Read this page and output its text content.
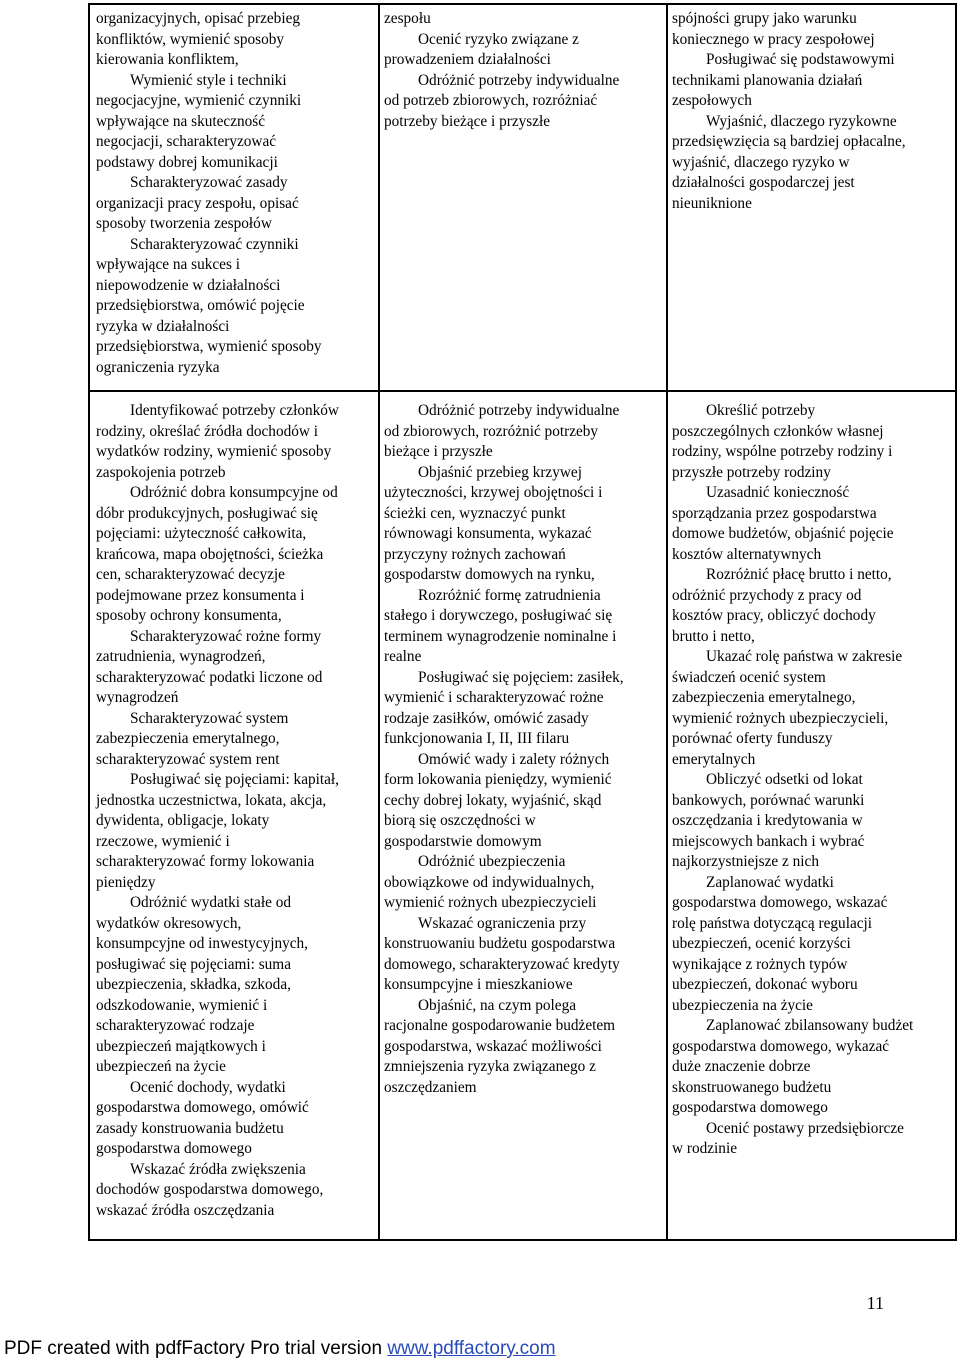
organizacyjnych, opisać przebieg

konfliktów, wymienić sposoby

kierowania konfliktem,

Wymienić style i techniki

negocjacyjne, wymienić czynniki

wpływające na skuteczność

negocjacji, scharakteryzować

podstawy dobrej komunikacji

Scharakteryzować zasady

organizacji pracy zespołu, opisać

sposoby tworzenia zespołów

Scharakteryzować czynniki

wpływające na sukces i

niepowodzenie w działalności

przedsiębiorstwa, omówić pojęcie

ryzyka w działalności

przedsiębiorstwa, wymienić sposoby

ograniczenia ryzyka

zespołu

Ocenić ryzyko związane z

prowadzeniem działalności

Odróżnić potrzeby indywidualne

od potrzeb zbiorowych, rozróżniać

potrzeby bieżące i przyszłe

spójności grupy jako warunku

koniecznego w pracy zespołowej

Posługiwać się podstawowymi

technikami planowania działań

zespołowych

Wyjaśnić, dlaczego ryzykowne

przedsięwzięcia są bardziej opłacalne,

wyjaśnić, dlaczego ryzyko w

działalności gospodarczej jest

nieuniknione

Identyfikować potrzeby członków

rodziny, określać źródła dochodów i

wydatków rodziny, wymienić sposoby

zaspokojenia potrzeb

Odróżnić dobra konsumpcyjne od

dóbr produkcyjnych, posługiwać się

pojęciami: użyteczność całkowita,

krańcowa, mapa obojętności, ścieżka

cen, scharakteryzować decyzje

podejmowane przez konsumenta i

sposoby ochrony konsumenta,

Scharakteryzować rożne formy

zatrudnienia, wynagrodzeń,

scharakteryzować podatki liczone od

wynagrodzeń

Scharakteryzować system

zabezpieczenia emerytalnego,

scharakteryzować system rent

Posługiwać się pojęciami: kapitał,

jednostka uczestnictwa, lokata, akcja,

dywidenta, obligacje, lokaty

rzeczowe, wymienić i

scharakteryzować formy lokowania

pieniędzy

Odróżnić wydatki stałe od

wydatków okresowych,

konsumpcyjne od inwestycyjnych,

posługiwać się pojęciami: suma

ubezpieczenia, składka, szkoda,

odszkodowanie, wymienić i

scharakteryzować rodzaje

ubezpieczeń majątkowych i

ubezpieczeń na życie

Ocenić dochody, wydatki

gospodarstwa domowego, omówić

zasady konstruowania budżetu

gospodarstwa domowego

Wskazać źródła zwiększenia

dochodów gospodarstwa domowego,

wskazać źródła oszczędzania

Odróżnić potrzeby indywidualne

od zbiorowych, rozróżnić potrzeby

bieżące i przyszłe

Objaśnić przebieg krzywej

użyteczności, krzywej obojętności i

ścieżki cen, wyznaczyć punkt

równowagi konsumenta, wykazać

przyczyny rożnych zachowań

gospodarstw domowych na rynku,

Rozróżnić formę zatrudnienia

stałego i dorywczego, posługiwać się

terminem wynagrodzenie nominalne i

realne

Posługiwać się pojęciem: zasiłek,

wymienić i scharakteryzować rożne

rodzaje zasiłków, omówić zasady

funkcjonowania I, II, III filaru

Omówić wady i zalety różnych

form lokowania pieniędzy, wymienić

cechy dobrej lokaty, wyjaśnić, skąd

biorą się oszczędności w

gospodarstwie domowym

Odróżnić ubezpieczenia

obowiązkowe od indywidualnych,

wymienić rożnych ubezpieczycieli

Wskazać ograniczenia przy

konstruowaniu budżetu gospodarstwa

domowego, scharakteryzować kredyty

konsumpcyjne i mieszkaniowe

Objaśnić, na czym polega

racjonalne gospodarowanie budżetem

gospodarstwa, wskazać możliwości

zmniejszenia ryzyka związanego z

oszczędzaniem

Określić potrzeby

poszczególnych członków własnej

rodziny, wspólne potrzeby rodziny i

przyszłe potrzeby rodziny

Uzasadnić konieczność

sporządzania przez gospodarstwa

domowe budżetów, objaśnić pojęcie

kosztów alternatywnych

Rozróżnić płacę brutto i netto,

odróżnić przychody z pracy od

kosztów pracy, obliczyć dochody

brutto i netto,

Ukazać rolę państwa w zakresie

świadczeń ocenić system

zabezpieczenia emerytalnego,

wymienić rożnych ubezpieczycieli,

porównać oferty funduszy

emerytalnych

Obliczyć odsetki od lokat

bankowych, porównać warunki

oszczędzania i kredytowania w

miejscowych bankach i wybrać

najkorzystniejsze z nich

Zaplanować wydatki

gospodarstwa domowego, wskazać

rolę państwa dotyczącą regulacji

ubezpieczeń, ocenić korzyści

wynikające z rożnych typów

ubezpieczeń, dokonać wyboru

ubezpieczenia na życie

Zaplanować zbilansowany budżet

gospodarstwa domowego, wykazać

duże znaczenie dobrze

skonstruowanego budżetu

gospodarstwa domowego

Ocenić postawy przedsiębiorcze

w rodzinie

11
PDF created with pdfFactory Pro trial version www.pdffactory.com
